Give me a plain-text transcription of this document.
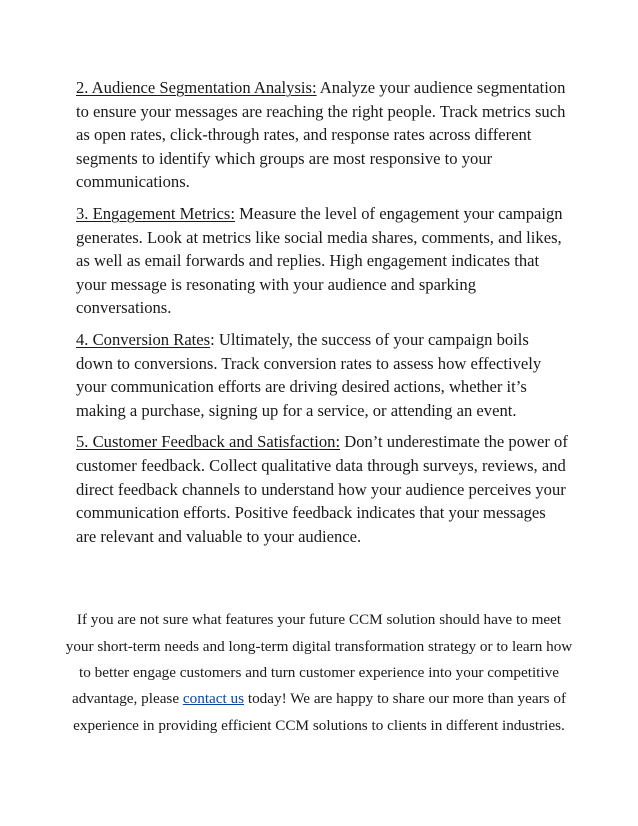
2. Audience Segmentation Analysis: Analyze your audience segmentation to ensure your messages are reaching the right people. Track metrics such as open rates, click-through rates, and response rates across different segments to identify which groups are most responsive to your communications.

3. Engagement Metrics: Measure the level of engagement your campaign generates. Look at metrics like social media shares, comments, and likes, as well as email forwards and replies. High engagement indicates that your message is resonating with your audience and sparking conversations.

4. Conversion Rates: Ultimately, the success of your campaign boils down to conversions. Track conversion rates to assess how effectively your communication efforts are driving desired actions, whether it’s making a purchase, signing up for a service, or attending an event.

5. Customer Feedback and Satisfaction: Don’t underestimate the power of customer feedback. Collect qualitative data through surveys, reviews, and direct feedback channels to understand how your audience perceives your communication efforts. Positive feedback indicates that your messages are relevant and valuable to your audience.

If you are not sure what features your future CCM solution should have to meet your short-term needs and long-term digital transformation strategy or to learn how to better engage customers and turn customer experience into your competitive advantage, please contact us today! We are happy to share our more than years of experience in providing efficient CCM solutions to clients in different industries.
